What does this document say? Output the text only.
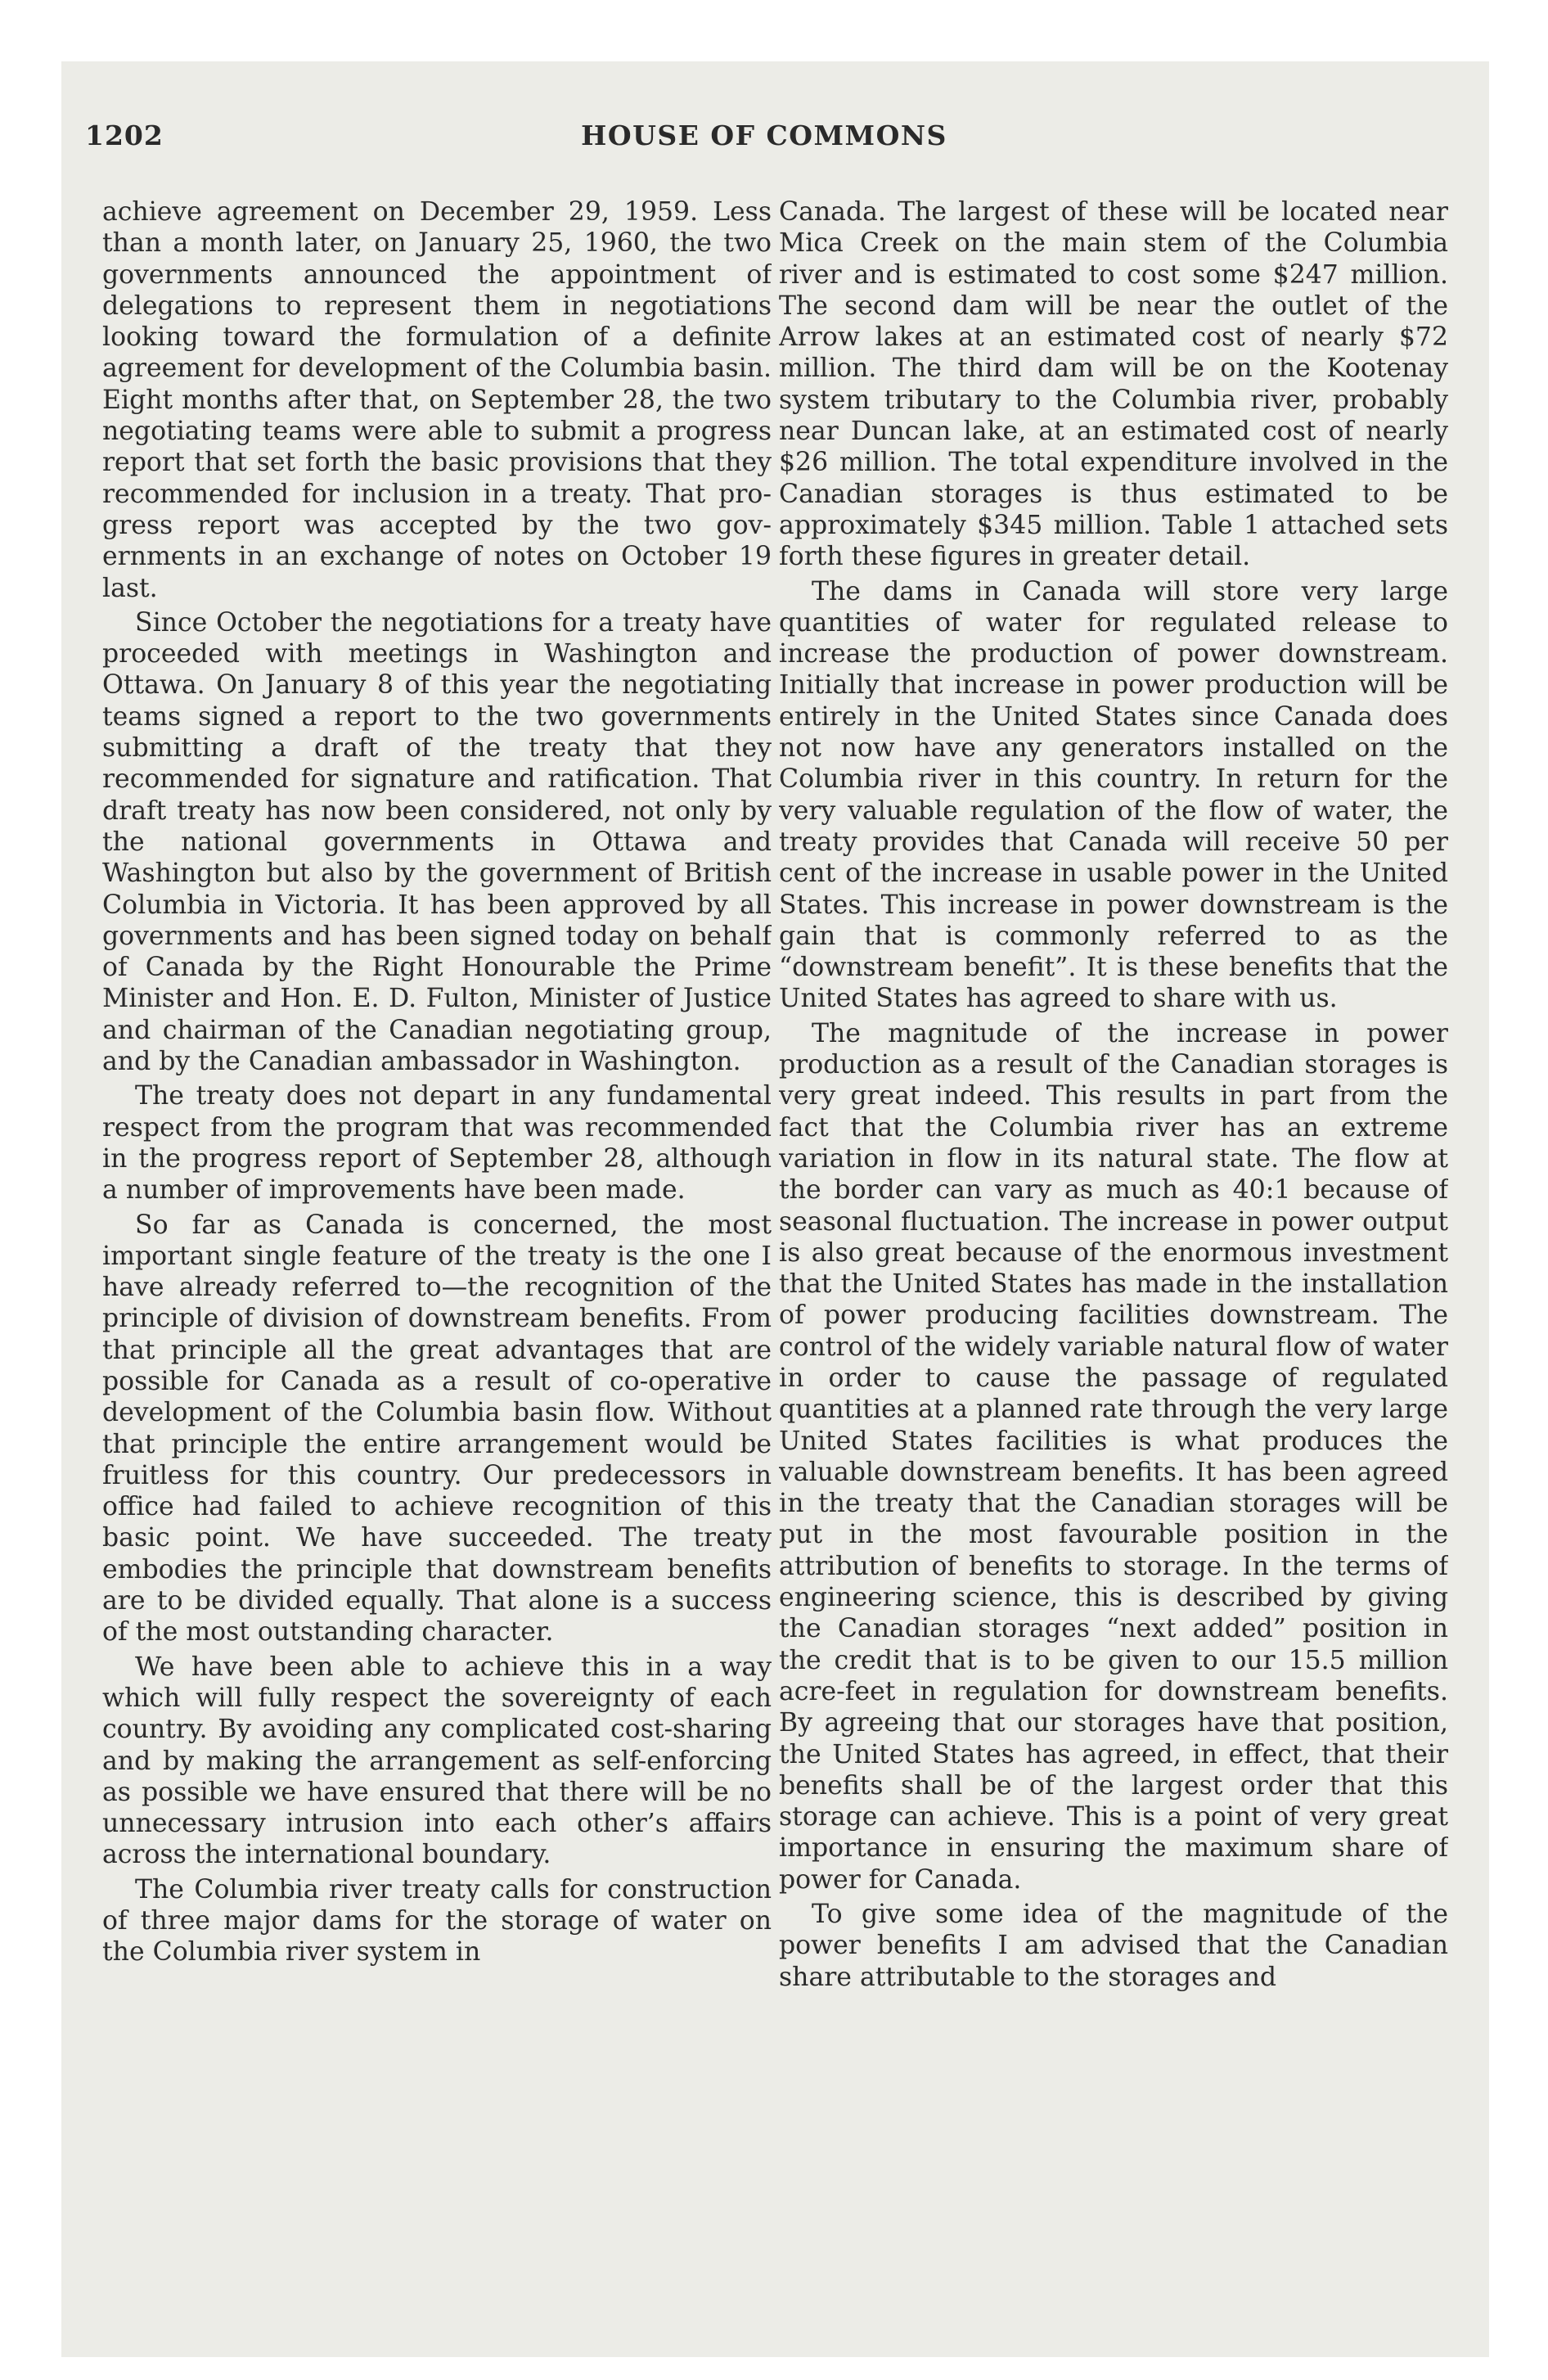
1202	HOUSE OF COMMONS

achieve agreement on December 29, 1959. Less than a month later, on January 25, 1960, the two governments announced the appointment of delegations to represent them in negotiations looking toward the formulation of a definite agreement for development of the Columbia basin. Eight months after that, on September 28, the two negotiating teams were able to submit a progress report that set forth the basic provisions that they recommended for inclusion in a treaty. That progress report was accepted by the two governments in an exchange of notes on October 19 last.

Since October the negotiations for a treaty have proceeded with meetings in Washington and Ottawa. On January 8 of this year the negotiating teams signed a report to the two governments submitting a draft of the treaty that they recommended for signature and ratification. That draft treaty has now been considered, not only by the national governments in Ottawa and Washington but also by the government of British Columbia in Victoria. It has been approved by all governments and has been signed today on behalf of Canada by the Right Honourable the Prime Minister and Hon. E. D. Fulton, Minister of Justice and chairman of the Canadian negotiating group, and by the Canadian ambassador in Washington.

The treaty does not depart in any fundamental respect from the program that was recommended in the progress report of September 28, although a number of improvements have been made.

So far as Canada is concerned, the most important single feature of the treaty is the one I have already referred to—the recognition of the principle of division of downstream benefits. From that principle all the great advantages that are possible for Canada as a result of co-operative development of the Columbia basin flow. Without that principle the entire arrangement would be fruitless for this country. Our predecessors in office had failed to achieve recognition of this basic point. We have succeeded. The treaty embodies the principle that downstream benefits are to be divided equally. That alone is a success of the most outstanding character.

We have been able to achieve this in a way which will fully respect the sovereignty of each country. By avoiding any complicated cost-sharing and by making the arrangement as self-enforcing as possible we have ensured that there will be no unnecessary intrusion into each other’s affairs across the international boundary.

The Columbia river treaty calls for construction of three major dams for the storage of water on the Columbia river system in

Canada. The largest of these will be located near Mica Creek on the main stem of the Columbia river and is estimated to cost some $247 million. The second dam will be near the outlet of the Arrow lakes at an estimated cost of nearly $72 million. The third dam will be on the Kootenay system tributary to the Columbia river, probably near Duncan lake, at an estimated cost of nearly $26 million. The total expenditure involved in the Canadian storages is thus estimated to be approximately $345 million. Table 1 attached sets forth these figures in greater detail.

The dams in Canada will store very large quantities of water for regulated release to increase the production of power downstream. Initially that increase in power production will be entirely in the United States since Canada does not now have any generators installed on the Columbia river in this country. In return for the very valuable regulation of the flow of water, the treaty provides that Canada will receive 50 per cent of the increase in usable power in the United States. This increase in power downstream is the gain that is commonly referred to as the “downstream benefit”. It is these benefits that the United States has agreed to share with us.

The magnitude of the increase in power production as a result of the Canadian storages is very great indeed. This results in part from the fact that the Columbia river has an extreme variation in flow in its natural state. The flow at the border can vary as much as 40:1 because of seasonal fluctuation. The increase in power output is also great because of the enormous investment that the United States has made in the installation of power producing facilities downstream. The control of the widely variable natural flow of water in order to cause the passage of regulated quantities at a planned rate through the very large United States facilities is what produces the valuable downstream benefits. It has been agreed in the treaty that the Canadian storages will be put in the most favourable position in the attribution of benefits to storage. In the terms of engineering science, this is described by giving the Canadian storages “next added” position in the credit that is to be given to our 15.5 million acre-feet in regulation for downstream benefits. By agreeing that our storages have that position, the United States has agreed, in effect, that their benefits shall be of the largest order that this storage can achieve. This is a point of very great importance in ensuring the maximum share of power for Canada.

To give some idea of the magnitude of the power benefits I am advised that the Canadian share attributable to the storages and
